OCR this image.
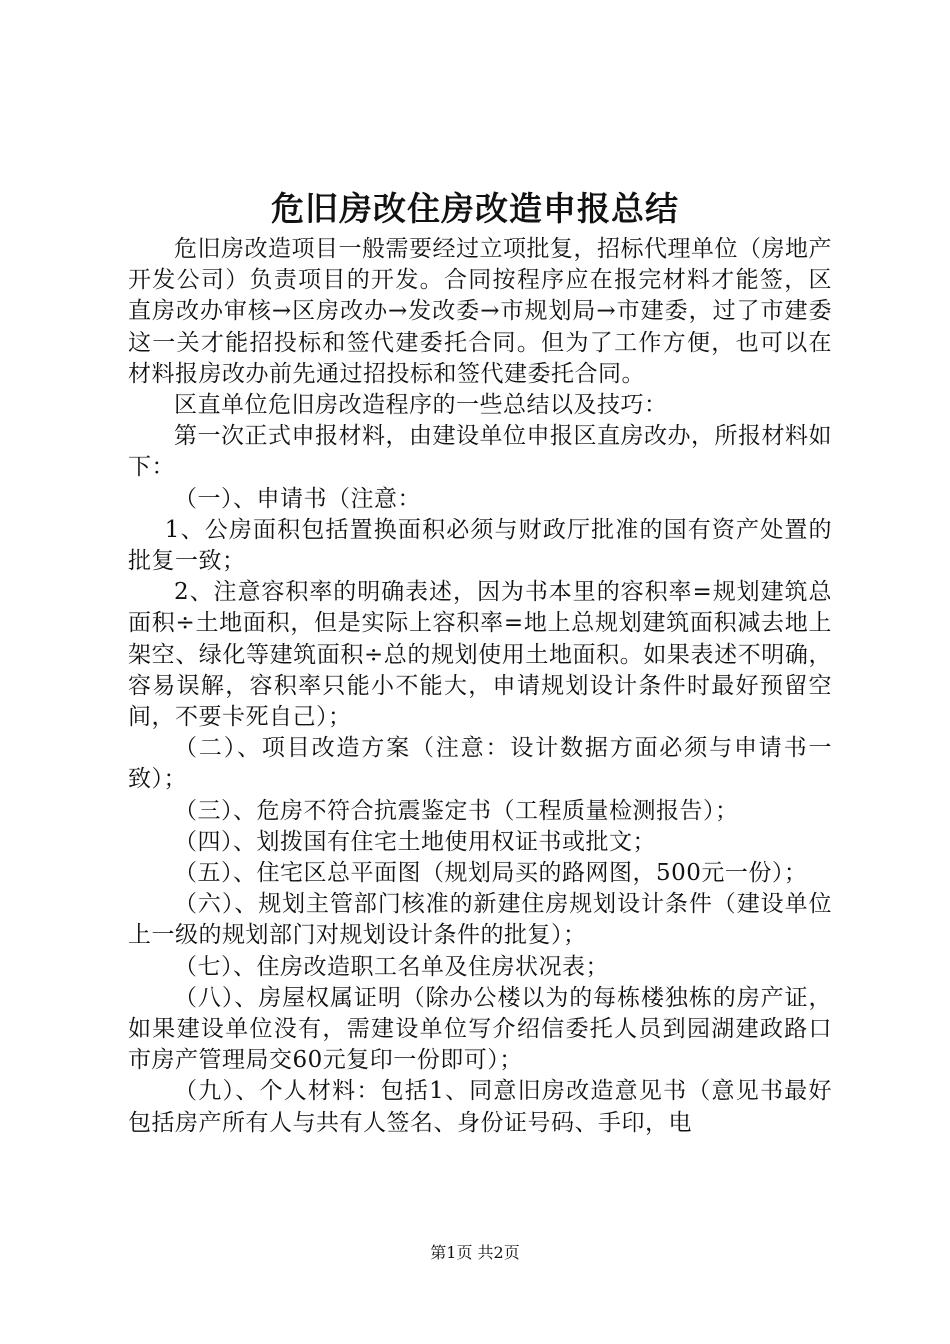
危旧房改住房改造申报总结

危旧房改造项目一般需要经过立项批复，招标代理单位（房地产开发公司）负责项目的开发。合同按程序应在报完材料才能签，区直房改办审核→区房改办→发改委→市规划局→市建委，过了市建委这一关才能招投标和签代建委托合同。但为了工作方便，也可以在材料报房改办前先通过招投标和签代建委托合同。

区直单位危旧房改造程序的一些总结以及技巧：

第一次正式申报材料，由建设单位申报区直房改办，所报材料如下：

（一）、申请书（注意：

1、公房面积包括置换面积必须与财政厅批准的国有资产处置的批复一致；

2、注意容积率的明确表述，因为书本里的容积率=规划建筑总面积÷土地面积，但是实际上容积率=地上总规划建筑面积减去地上架空、绿化等建筑面积÷总的规划使用土地面积。如果表述不明确，容易误解，容积率只能小不能大，申请规划设计条件时最好预留空间，不要卡死自己）；

（二）、项目改造方案（注意：设计数据方面必须与申请书一致）；

（三）、危房不符合抗震鉴定书（工程质量检测报告）；

（四）、划拨国有住宅土地使用权证书或批文；

（五）、住宅区总平面图（规划局买的路网图，500元一份）；

（六）、规划主管部门核准的新建住房规划设计条件（建设单位上一级的规划部门对规划设计条件的批复）；

（七）、住房改造职工名单及住房状况表；

（八）、房屋权属证明（除办公楼以为的每栋楼独栋的房产证，如果建设单位没有，需建设单位写介绍信委托人员到园湖建政路口市房产管理局交60元复印一份即可）；

（九）、个人材料：包括1、同意旧房改造意见书（意见书最好包括房产所有人与共有人签名、身份证号码、手印，电

第1页 共2页
